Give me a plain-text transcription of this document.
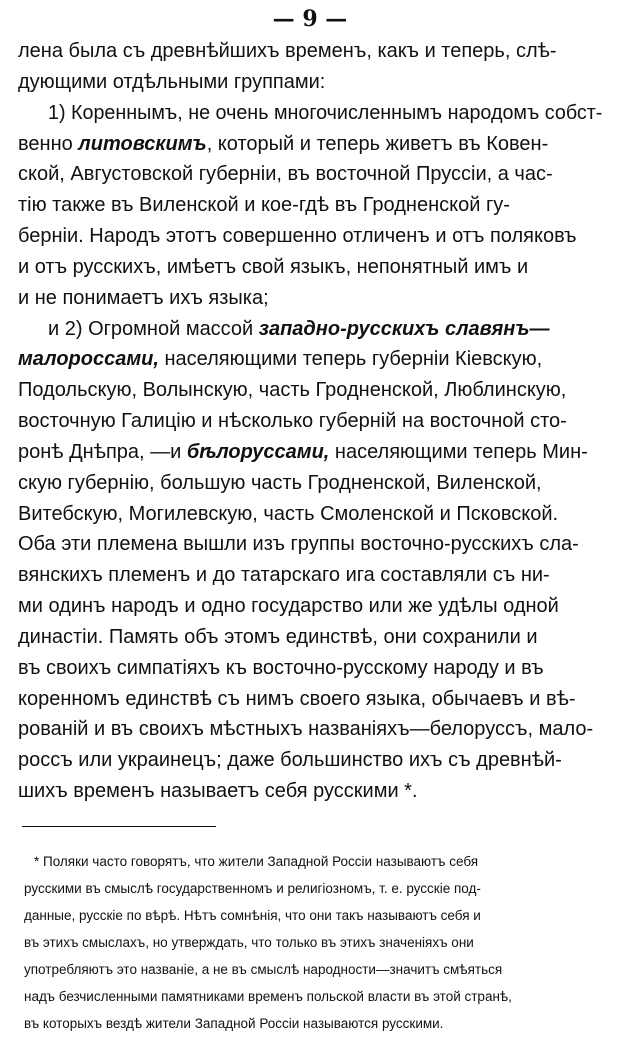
— 9 —
лена была съ древнѣйшихъ временъ, какъ и теперь, слѣ-
дующими отдѣльными группами:
1) Кореннымъ, не очень многочисленнымъ народомъ собст-
венно литовскимъ, который и теперь живетъ въ Ковен-
ской, Августовской губерніи, въ восточной Пруссіи, а час-
тію также въ Виленской и кое-гдѣ въ Гродненской гу-
берніи. Народъ этотъ совершенно отличенъ и отъ поляковъ
и отъ русскихъ, имѣетъ свой языкъ, непонятный имъ и
и не понимаетъ ихъ языка;
и 2) Огромной массой западно-русскихъ славянъ—
малороссами, населяющими теперь губерніи Кіевскую,
Подольскую, Волынскую, часть Гродненской, Люблинскую,
восточную Галицію и нѣсколько губерній на восточной сто-
ронѣ Днѣпра, —и бѣлоруссами, населяющими теперь Мин-
скую губернію, большую часть Гродненской, Виленской,
Витебскую, Могилевскую, часть Смоленской и Псковской.
Оба эти племена вышли изъ группы восточно-русскихъ сла-
вянскихъ племенъ и до татарскаго ига составляли съ ни-
ми одинъ народъ и одно государство или же удѣлы одной
династіи. Память объ этомъ единствѣ, они сохранили и
въ своихъ симпатіяхъ къ восточно-русскому народу и въ
коренномъ единствѣ съ нимъ своего языка, обычаевъ и вѣ-
рованій и въ своихъ мѣстныхъ названіяхъ—белоруссъ, мало-
россъ или украинецъ; даже большинство ихъ съ древнѣй-
шихъ временъ называетъ себя русскими *.
* Поляки часто говорятъ, что жители Западной Россіи называютъ себя
русскими въ смыслѣ государственномъ и религіозномъ, т. е. русскіе под-
данные, русскіе по вѣрѣ. Нѣтъ сомнѣнія, что они такъ называютъ себя и
въ этихъ смыслахъ, но утверждать, что только въ этихъ значеніяхъ они
употребляютъ это названіе, а не въ смыслѣ народности—значитъ смѣяться
надъ безчисленными памятниками временъ польской власти въ этой странѣ,
въ которыхъ вездѣ жители Западной Россіи называются русскими.
